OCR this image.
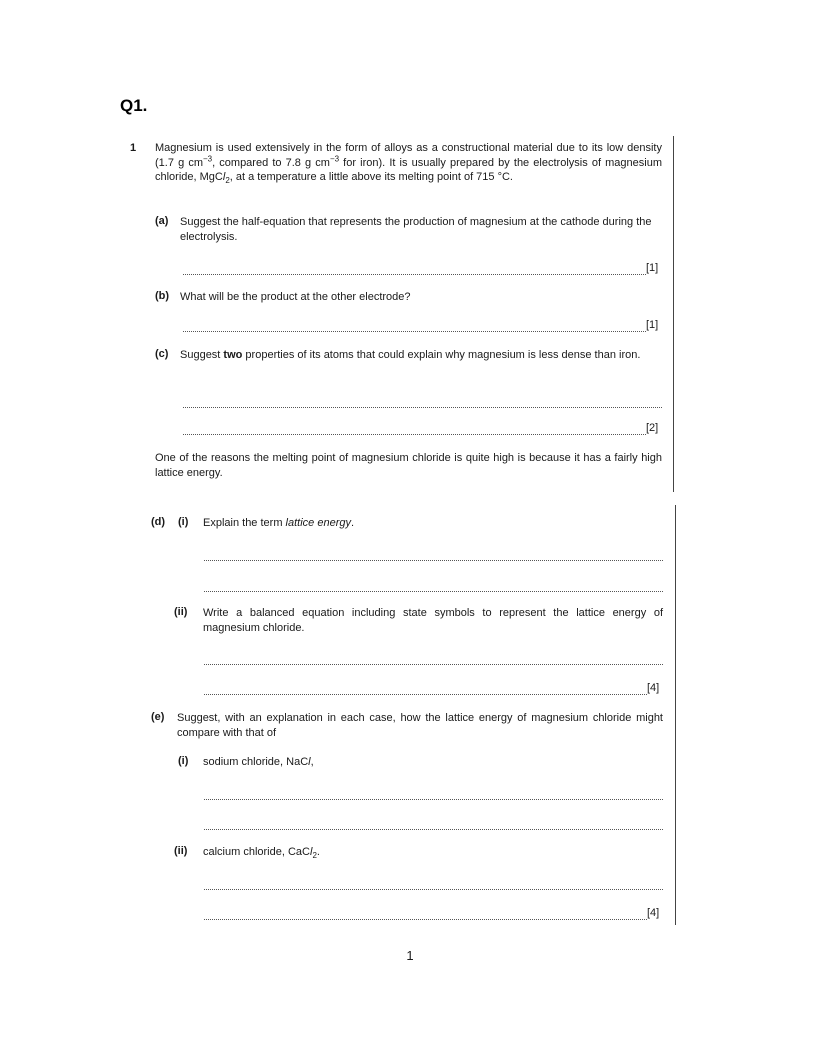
Q1.
1 Magnesium is used extensively in the form of alloys as a constructional material due to its low density (1.7 g $cm^{-3}$, compared to 7.8 g $cm^{-3}$ for iron). It is usually prepared by the electrolysis of magnesium chloride, MgCl$_2$, at a temperature a little above its melting point of 715 °C.
(a) Suggest the half-equation that represents the production of magnesium at the cathode during the electrolysis.
[1]
(b) What will be the product at the other electrode?
[1]
(c) Suggest two properties of its atoms that could explain why magnesium is less dense than iron.
[2]
One of the reasons the melting point of magnesium chloride is quite high is because it has a fairly high lattice energy.
(d) (i) Explain the term lattice energy.
(ii) Write a balanced equation including state symbols to represent the lattice energy of magnesium chloride.
[4]
(e) Suggest, with an explanation in each case, how the lattice energy of magnesium chloride might compare with that of
(i) sodium chloride, NaCl,
(ii) calcium chloride, CaCl$_2$.
[4]
1
